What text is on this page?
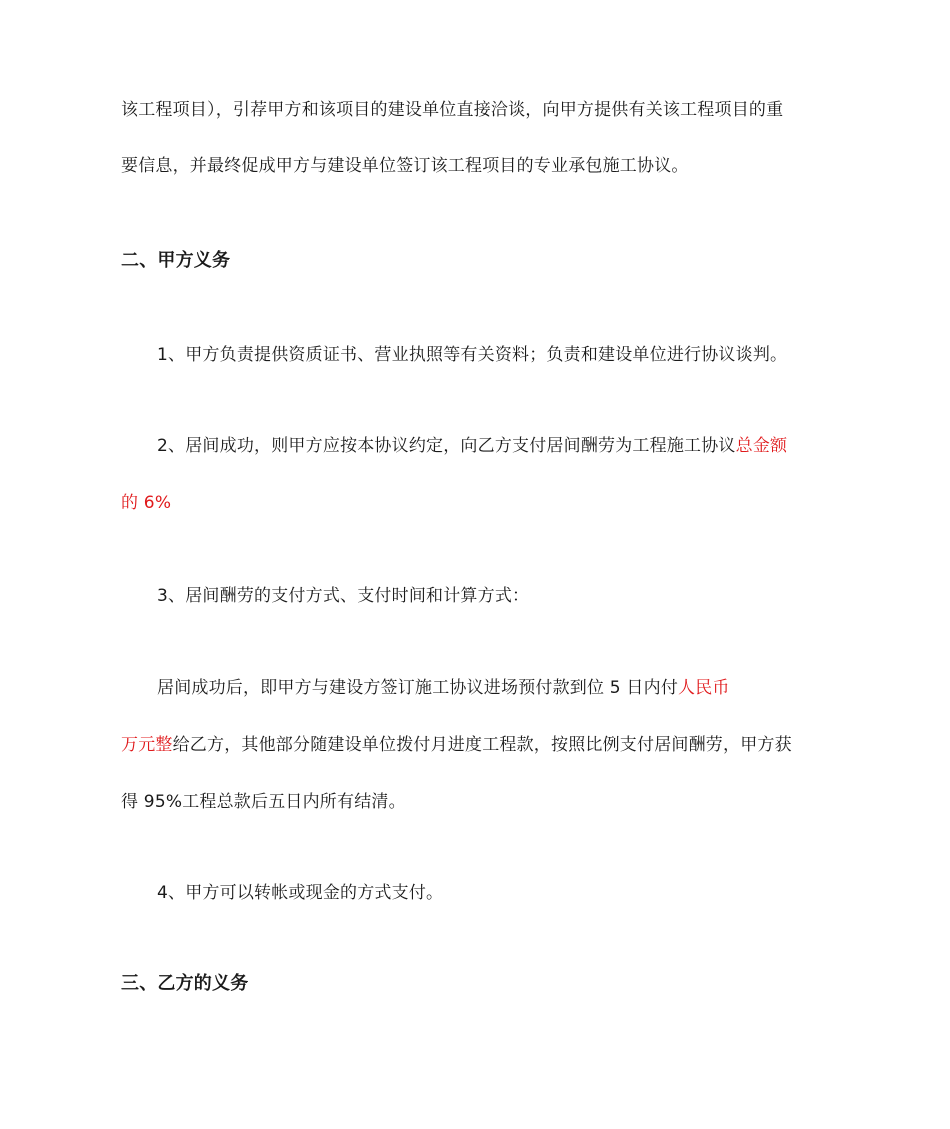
该工程项目），引荐甲方和该项目的建设单位直接洽谈，向甲方提供有关该工程项目的重
要信息，并最终促成甲方与建设单位签订该工程项目的专业承包施工协议。
二、甲方义务
1、甲方负责提供资质证书、营业执照等有关资料；负责和建设单位进行协议谈判。
2、居间成功，则甲方应按本协议约定，向乙方支付居间酬劳为工程施工协议总金额
的 6%
3、居间酬劳的支付方式、支付时间和计算方式：
居间成功后，即甲方与建设方签订施工协议进场预付款到位 5 日内付人民币
万元整给乙方，其他部分随建设单位拨付月进度工程款，按照比例支付居间酬劳，甲方获
得 95%工程总款后五日内所有结清。
4、甲方可以转帐或现金的方式支付。
三、乙方的义务
